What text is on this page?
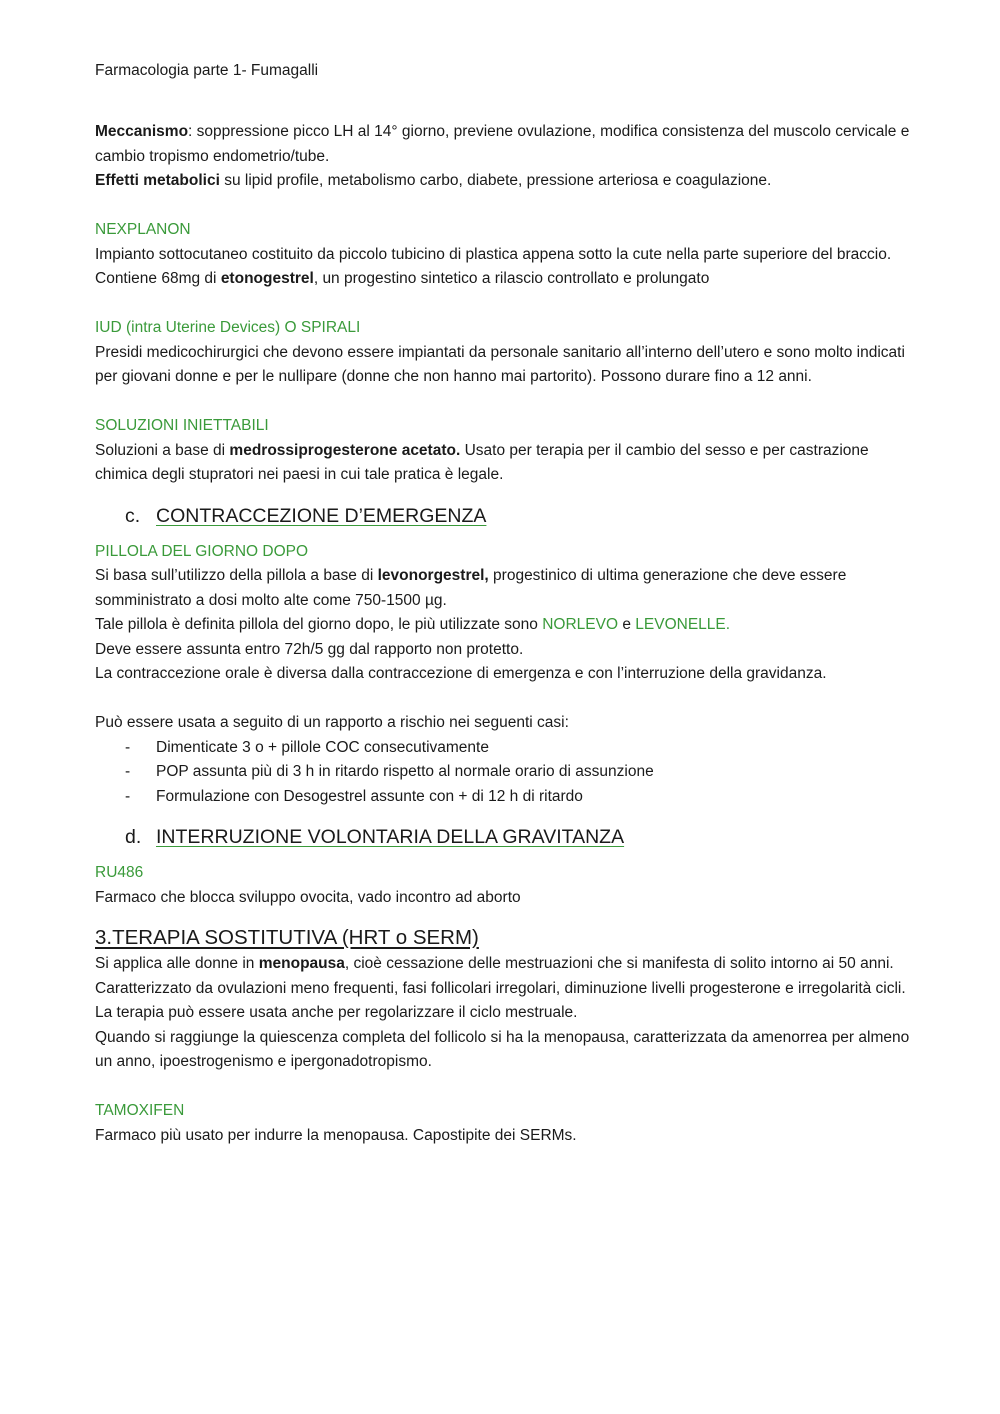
Farmacologia parte 1- Fumagalli

Meccanismo: soppressione picco LH al 14° giorno, previene ovulazione, modifica consistenza del muscolo cervicale e cambio tropismo endometrio/tube.

Effetti metabolici su lipid profile, metabolismo carbo, diabete, pressione arteriosa e coagulazione.

NEXPLANON

Impianto sottocutaneo costituito da piccolo tubicino di plastica appena sotto la cute nella parte superiore del braccio.

Contiene 68mg di etonogestrel, un progestino sintetico a rilascio controllato e prolungato

IUD (intra Uterine Devices) O SPIRALI

Presidi medicochirurgici che devono essere impiantati da personale sanitario all’interno dell’utero e sono molto indicati per giovani donne e per le nullipare (donne che non hanno mai partorito). Possono durare fino a 12 anni.

SOLUZIONI INIETTABILI

Soluzioni a base di medrossiprogesterone acetato. Usato per terapia per il cambio del sesso e per castrazione chimica degli stupratori nei paesi in cui tale pratica è legale.

c. CONTRACCEZIONE D’EMERGENZA

PILLOLA DEL GIORNO DOPO

Si basa sull’utilizzo della pillola a base di levonorgestrel, progestinico di ultima generazione che deve essere somministrato a dosi molto alte come 750-1500 µg.

Tale pillola è definita pillola del giorno dopo, le più utilizzate sono NORLEVO e LEVONELLE.

Deve essere assunta entro 72h/5 gg dal rapporto non protetto.

La contraccezione orale è diversa dalla contraccezione di emergenza e con l’interruzione della gravidanza.

Può essere usata a seguito di un rapporto a rischio nei seguenti casi:

- Dimenticate 3 o + pillole COC consecutivamente
- POP assunta più di 3 h in ritardo rispetto al normale orario di assunzione
- Formulazione con Desogestrel assunte con + di 12 h di ritardo
d. INTERRUZIONE VOLONTARIA DELLA GRAVITANZA

RU486

Farmaco che blocca sviluppo ovocita, vado incontro ad aborto

3.TERAPIA SOSTITUTIVA (HRT o SERM)

Si applica alle donne in menopausa, cioè cessazione delle mestruazioni che si manifesta di solito intorno ai 50 anni. Caratterizzato da ovulazioni meno frequenti, fasi follicolari irregolari, diminuzione livelli progesterone e irregolarità cicli.

La terapia può essere usata anche per regolarizzare il ciclo mestruale.

Quando si raggiunge la quiescenza completa del follicolo si ha la menopausa, caratterizzata da amenorrea per almeno un anno, ipoestrogenismo e ipergonadotropismo.

TAMOXIFEN

Farmaco più usato per indurre la menopausa. Capostipite dei SERMs.
